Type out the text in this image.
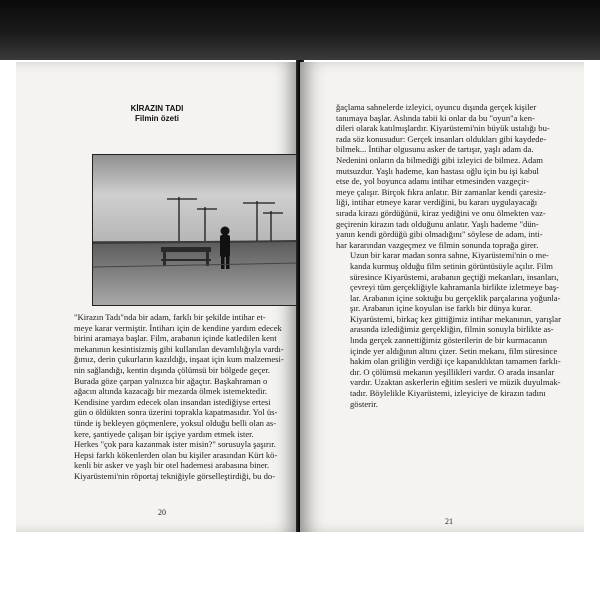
KİRAZIN TADI
Filmin özeti

"Kirazın Tadı"nda bir adam, farklı bir şekilde intihar et-
meye karar vermiştir. İntiharı için de kendine yardım edecek
birini aramaya başlar. Film, arabanın içinde katledilen kent
mekanının kesintisizmiş gibi kullanılan devamlılığıyla vardı-
ğımız, derin çukurların kazıldığı, inşaat için kum malzemesi-
nin sağlandığı, kentin dışında çölümsü bir bölgede geçer.
Burada göze çarpan yalnızca bir ağaçtır. Başkahraman o
ağacın altında kazacağı bir mezarda ölmek istemektedir.
Kendisine yardım edecek olan insandan istediğiyse ertesi
gün o öldükten sonra üzerini toprakla kapatmasıdır. Yol üs-
tünde iş bekleyen göçmenlere, yoksul olduğu belli olan as-
kere, şantiyede çalışan bir işçiye yardım etmek ister.
Herkes "çok para kazanmak ister misin?" sorusuyla şaşırır.
Hepsi farklı kökenlerden olan bu kişiler arasından Kürt kö-
kenli bir asker ve yaşlı bir otel hademesi arabasına biner.

Kiyarüstemi'nin röportaj tekniğiyle görselleştirdiği, bu do-

20

ğaçlama sahnelerde izleyici, oyuncu dışında gerçek kişiler
tanımaya başlar. Aslında tabii ki onlar da bu "oyun"a ken-
dileri olarak katılmışlardır. Kiyarüstemi'nin büyük ustalığı bu-
rada söz konusudur: Gerçek insanları oldukları gibi kaydede-
bilmek... İntihar olgusunu asker de tartışır, yaşlı adam da.
Nedenini onların da bilmediği gibi izleyici de bilmez. Adam
mutsuzdur. Yaşlı hademe, kan hastası oğlu için bu işi kabul
etse de, yol boyunca adamı intihar etmesinden vazgeçir-
meye çalışır. Birçok fıkra anlatır. Bir zamanlar kendi çaresiz-
liği, intihar etmeye karar verdiğini, bu kararı uygulayacağı
sırada kirazı gördüğünü, kiraz yediğini ve onu ölmekten vaz-
geçirenin kirazın tadı olduğunu anlatır. Yaşlı hademe "dün-
yanın kendi gördüğü gibi olmadığını" söylese de adam, inti-
har kararından vazgeçmez ve filmin sonunda toprağa girer.

Uzun bir karar madan sonra sahne, Kiyarüstemi'nin o me-
kanda kurmuş olduğu film setinin görüntüsüyle açılır. Film
süresince Kiyarüstemi, arabanın geçtiği mekanları, insanları,
çevreyi tüm gerçekliğiyle kahramanla birlikte izletmeye baş-
lar. Arabanın içine soktuğu bu gerçeklik parçalarına yoğunla-
şır. Arabanın içine koyulan ise farklı bir dünya kurar.
Kiyarüstemi, birkaç kez gittiğimiz intihar mekanının, yarışlar
arasında izlediğimiz gerçekliğin, filmin sonuyla birlikte as-
lında gerçek zannettiğimiz gösterilerin de bir kurmacanın
içinde yer aldığının altını çizer. Setin mekanı, film süresince
hakim olan griliğin verdiği içe kapanıklıktan tamamen farklı-
dır. O çölümsü mekanın yeşillikleri vardır. O arada insanlar
vardır. Uzaktan askerlerin eğitim sesleri ve müzik duyulmak-
tadır. Böylelikle Kiyarüstemi, izleyiciye de kirazın tadını
gösterir.

21
